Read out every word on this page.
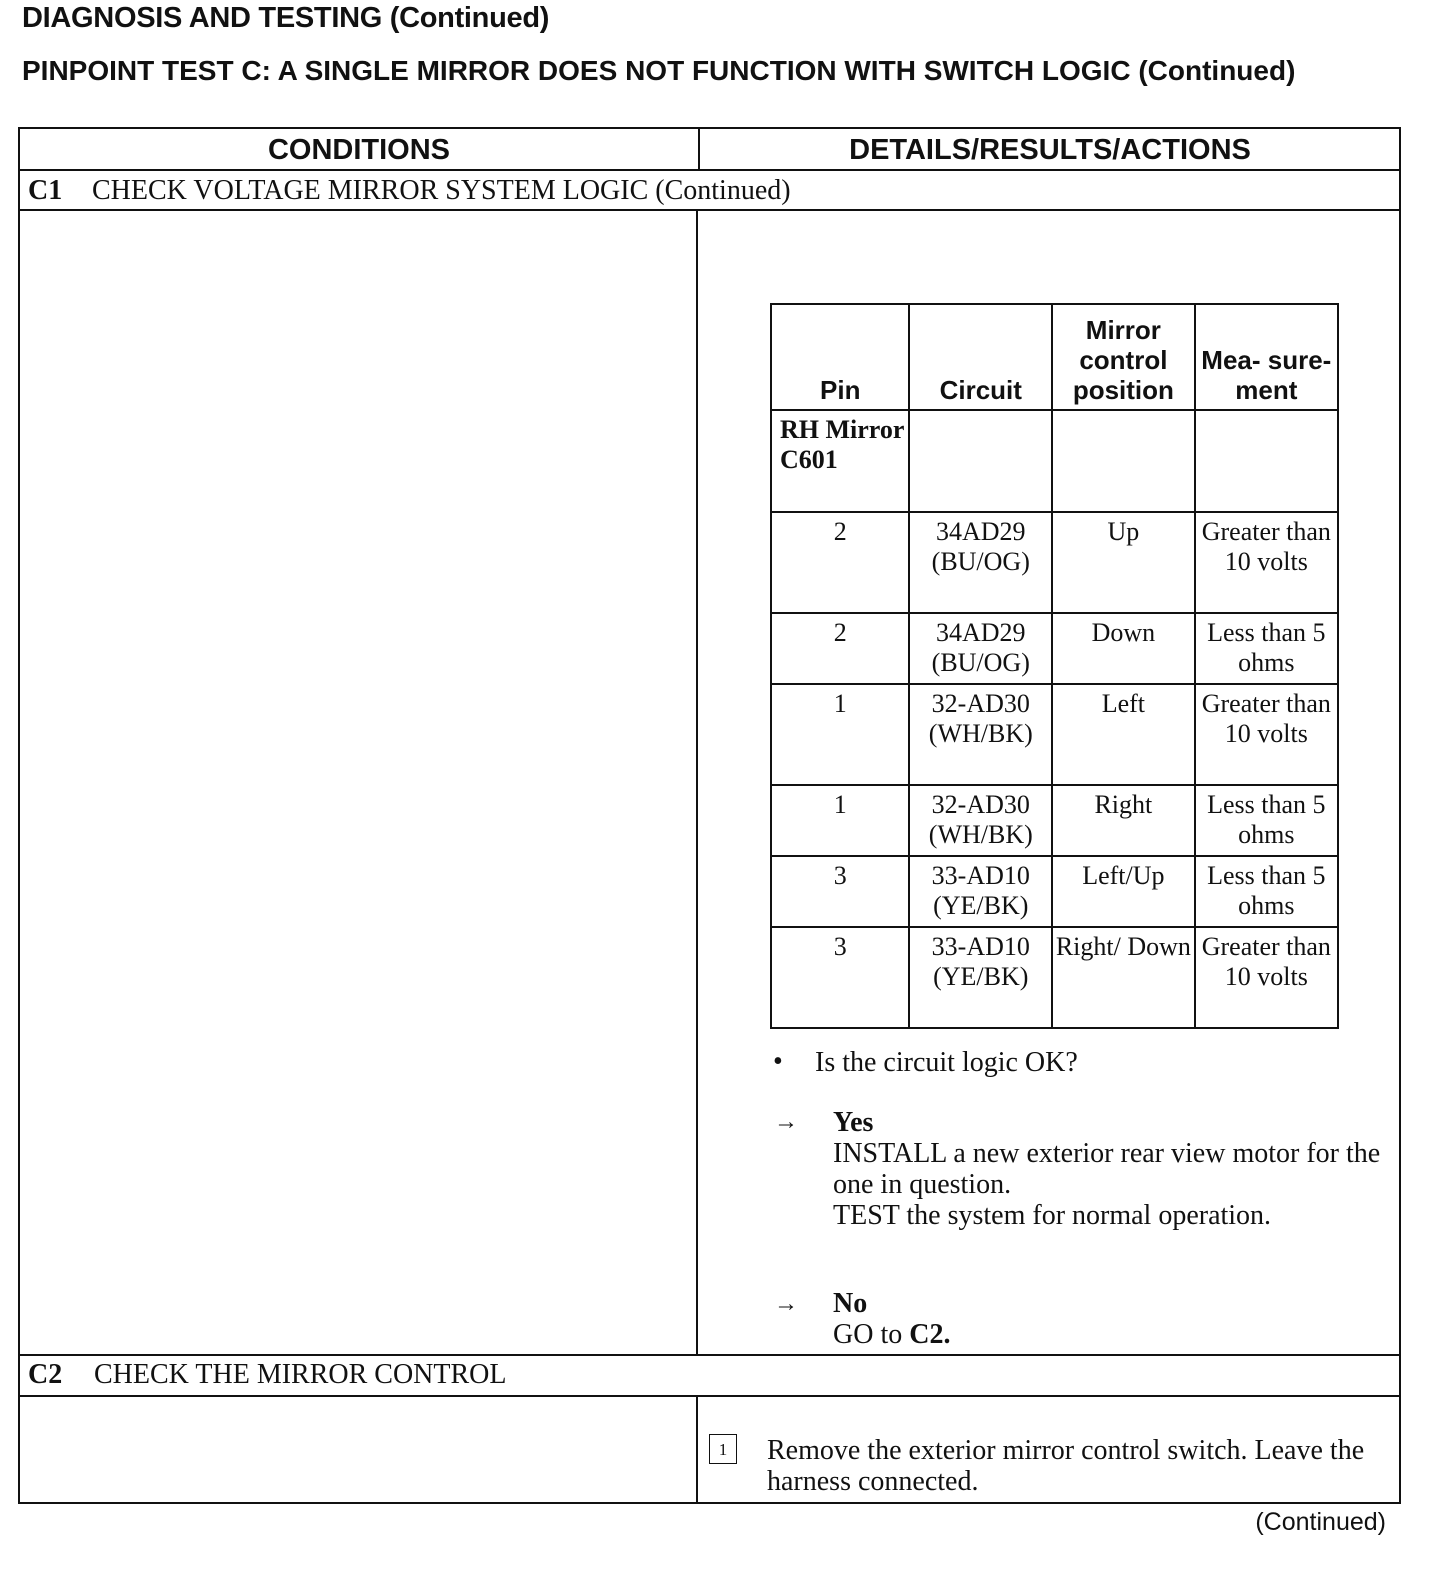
DIAGNOSIS AND TESTING (Continued)
PINPOINT TEST C: A SINGLE MIRROR DOES NOT FUNCTION WITH SWITCH LOGIC (Continued)
CONDITIONS	DETAILS/RESULTS/ACTIONS
C1 CHECK VOLTAGE MIRROR SYSTEM LOGIC (Continued)
Pin	Circuit	Mirror control position	Mea- sure- ment
RH Mirror C601			
2	34AD29 (BU/OG)	Up	Greater than 10 volts
2	34AD29 (BU/OG)	Down	Less than 5 ohms
1	32-AD30 (WH/BK)	Left	Greater than 10 volts
1	32-AD30 (WH/BK)	Right	Less than 5 ohms
3	33-AD10 (YE/BK)	Left/Up	Less than 5 ohms
3	33-AD10 (YE/BK)	Right/ Down	Greater than 10 volts
• Is the circuit logic OK?
→ Yes
INSTALL a new exterior rear view motor for the one in question.
TEST the system for normal operation.
→ No
GO to C2.
C2 CHECK THE MIRROR CONTROL
1	Remove the exterior mirror control switch. Leave the harness connected.
(Continued)
